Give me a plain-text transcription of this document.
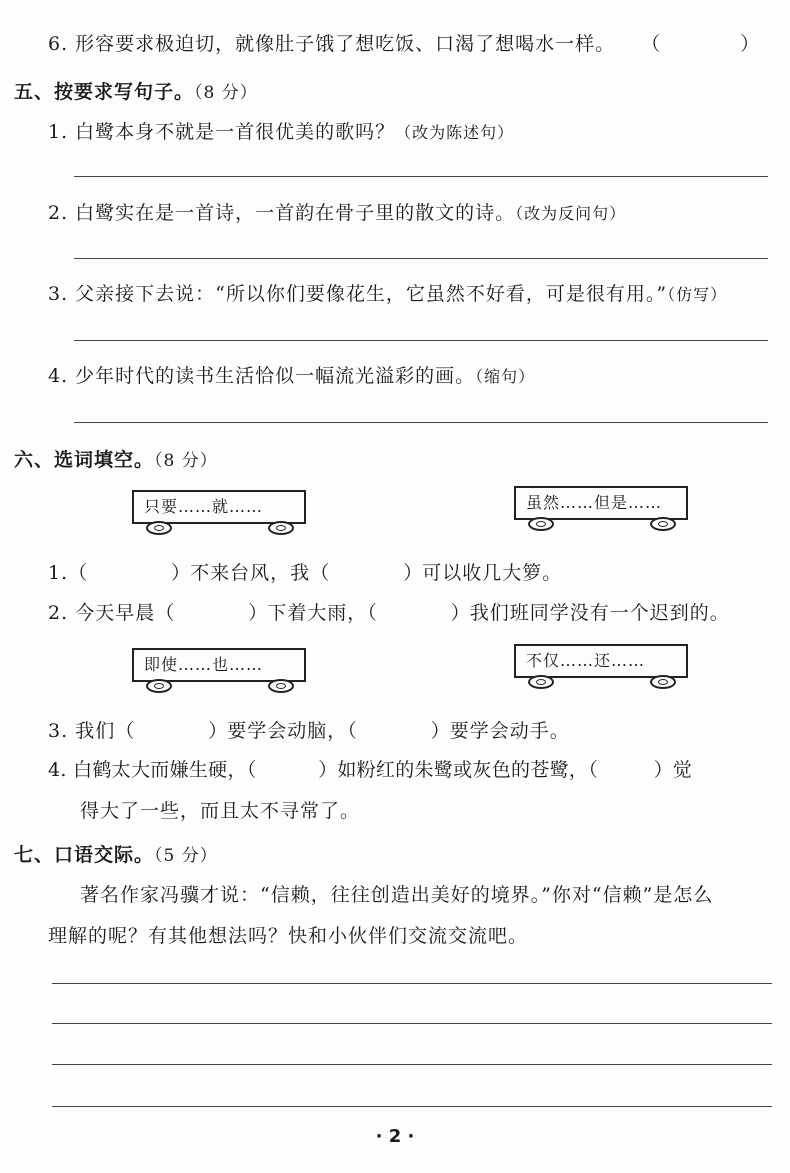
6. 形容要求极迫切，就像肚子饿了想吃饭、口渴了想喝水一样。 （	）
五、按要求写句子。（8 分）
1. 白鹭本身不就是一首很优美的歌吗？（改为陈述句）
2. 白鹭实在是一首诗，一首韵在骨子里的散文的诗。（改为反问句）
3. 父亲接下去说：“所以你们要像花生，它虽然不好看，可是很有用。”（仿写）
4. 少年时代的读书生活恰似一幅流光溢彩的画。（缩句）
六、选词填空。（8 分）
只要……就……	虽然……但是……
1.（	）不来台风，我（	）可以收几大箩。
2. 今天早晨（	）下着大雨，（	）我们班同学没有一个迟到的。
即使……也……	不仅……还……
3. 我们（	）要学会动脑，（	）要学会动手。
4. 白鹤太大而嫌生硬，（	）如粉红的朱鹭或灰色的苍鹭，（	）觉
得大了一些，而且太不寻常了。
七、口语交际。（5 分）
著名作家冯骥才说：“信赖，往往创造出美好的境界。”你对“信赖”是怎么
理解的呢？有其他想法吗？快和小伙伴们交流交流吧。
· 2 ·
